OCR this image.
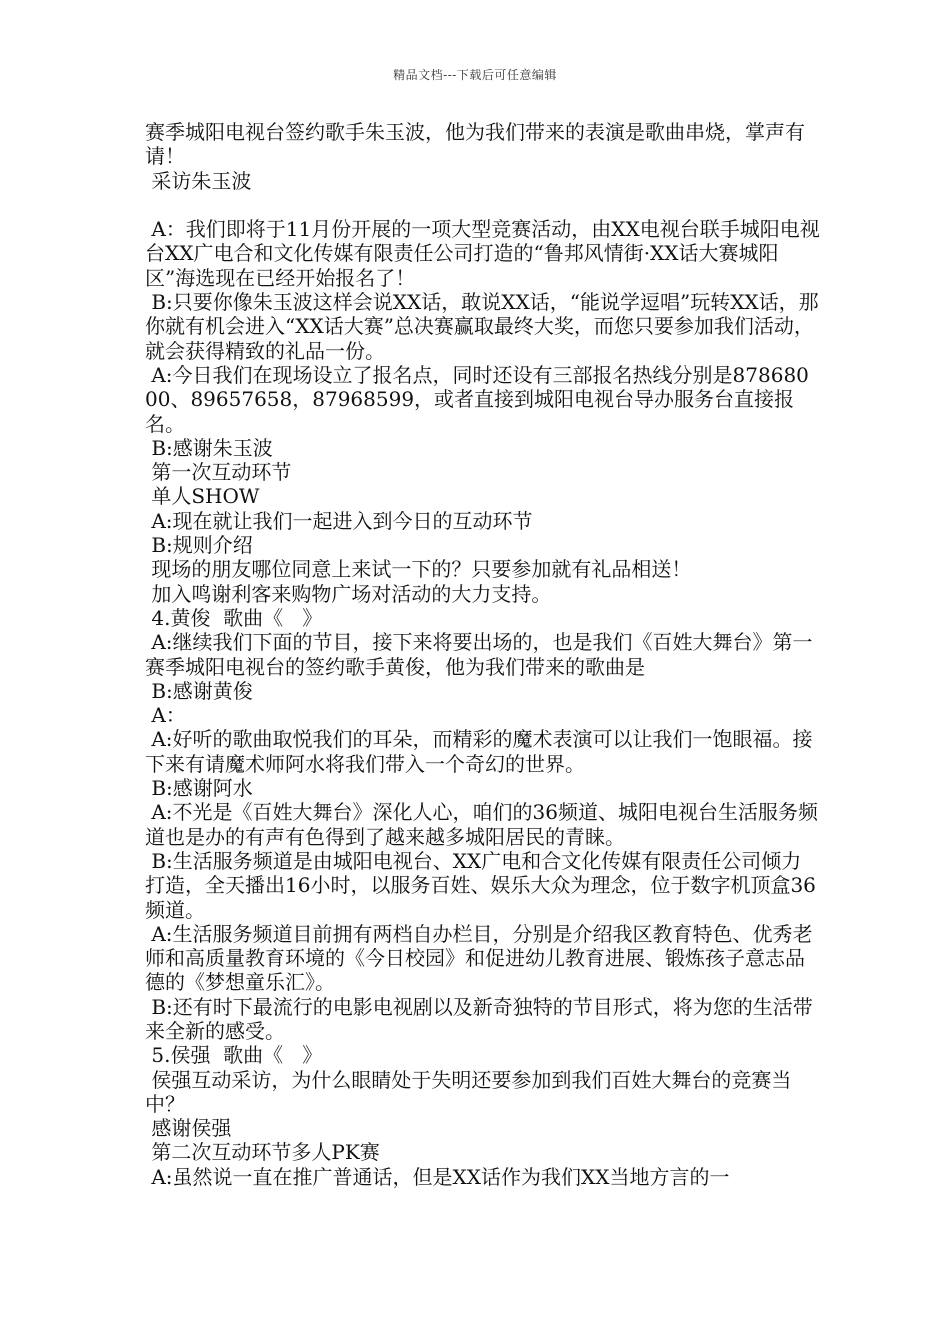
精品文档---下载后可任意编辑

赛季城阳电视台签约歌手朱玉波，他为我们带来的表演是歌曲串烧，掌声有请！

采访朱玉波

A：我们即将于11月份开展的一项大型竞赛活动，由XX电视台联手城阳电视台XX广电合和文化传媒有限责任公司打造的“鲁邦风情街·XX话大赛城阳区”海选现在已经开始报名了！

B:只要你像朱玉波这样会说XX话，敢说XX话，“能说学逗唱”玩转XX话，那你就有机会进入“XX话大赛”总决赛赢取最终大奖，而您只要参加我们活动，就会获得精致的礼品一份。

A:今日我们在现场设立了报名点，同时还设有三部报名热线分别是87868000、89657658，87968599，或者直接到城阳电视台导办服务台直接报名。

B:感谢朱玉波

第一次互动环节

单人SHOW

A:现在就让我们一起进入到今日的互动环节

B:规则介绍

现场的朋友哪位同意上来试一下的？只要参加就有礼品相送！

加入鸣谢利客来购物广场对活动的大力支持。

4.黄俊  歌曲《   》

A:继续我们下面的节目，接下来将要出场的，也是我们《百姓大舞台》第一赛季城阳电视台的签约歌手黄俊，他为我们带来的歌曲是

B:感谢黄俊

A：

A:好听的歌曲取悦我们的耳朵，而精彩的魔术表演可以让我们一饱眼福。接下来有请魔术师阿水将我们带入一个奇幻的世界。

B:感谢阿水

A:不光是《百姓大舞台》深化人心，咱们的36频道、城阳电视台生活服务频道也是办的有声有色得到了越来越多城阳居民的青睐。

B:生活服务频道是由城阳电视台、XX广电和合文化传媒有限责任公司倾力打造，全天播出16小时，以服务百姓、娱乐大众为理念，位于数字机顶盒36频道。

A:生活服务频道目前拥有两档自办栏目，分别是介绍我区教育特色、优秀老师和高质量教育环境的《今日校园》和促进幼儿教育进展、锻炼孩子意志品德的《梦想童乐汇》。

B:还有时下最流行的电影电视剧以及新奇独特的节目形式，将为您的生活带来全新的感受。

5.侯强  歌曲《   》

侯强互动采访，为什么眼睛处于失明还要参加到我们百姓大舞台的竞赛当中？

感谢侯强

第二次互动环节多人PK赛

A:虽然说一直在推广普通话，但是XX话作为我们XX当地方言的一
